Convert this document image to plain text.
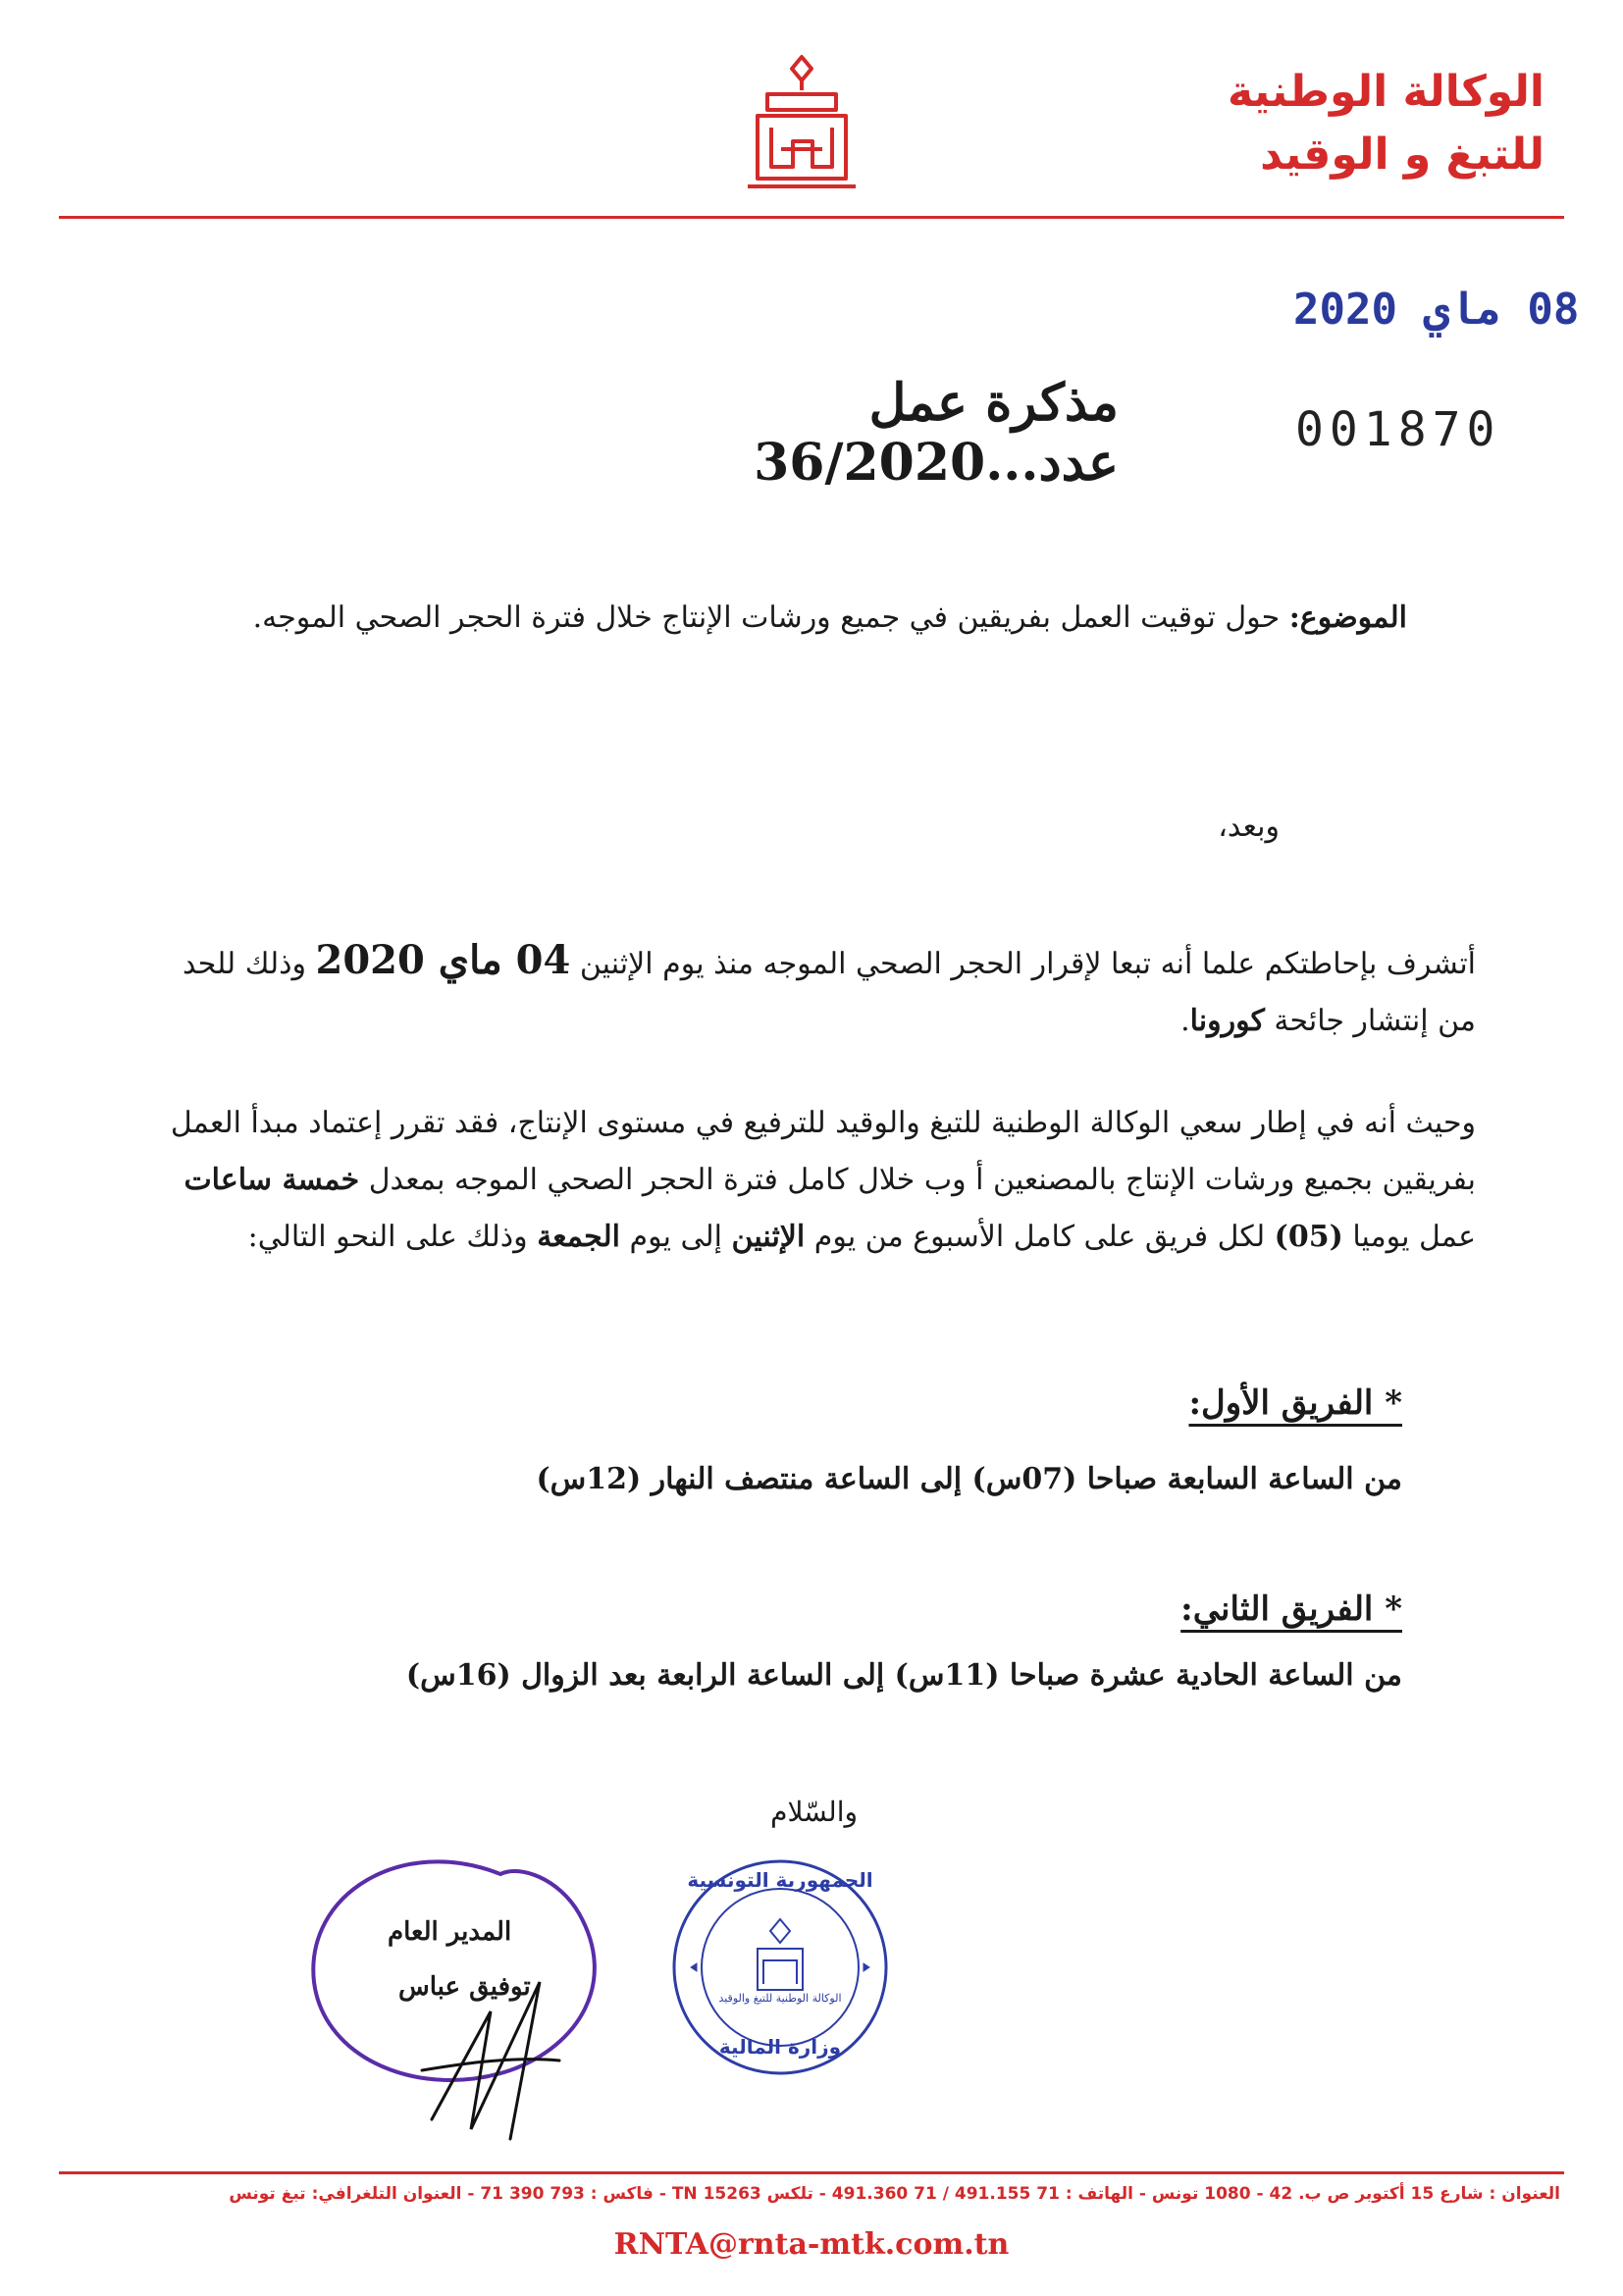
الوكالة الوطنية
للتبغ و الوقيد
08 ماي 2020
001870
مذكرة عمل عدد...36/2020
الموضوع: حول توقيت العمل بفريقين في جميع ورشات الإنتاج خلال فترة الحجر الصحي الموجه.
وبعد،
أتشرف بإحاطتكم علما أنه تبعا لإقرار الحجر الصحي الموجه منذ يوم الإثنين 04 ماي 2020 وذلك للحد من إنتشار جائحة كورونا.
وحيث أنه في إطار سعي الوكالة الوطنية للتبغ والوقيد للترفيع في مستوى الإنتاج، فقد تقرر إعتماد مبدأ العمل بفريقين بجميع ورشات الإنتاج بالمصنعين أ وب خلال كامل فترة الحجر الصحي الموجه بمعدل خمسة ساعات عمل يوميا (05) لكل فريق على كامل الأسبوع من يوم الإثنين إلى يوم الجمعة وذلك على النحو التالي:
* الفريق الأول:
من الساعة السابعة صباحا (07س) إلى الساعة منتصف النهار (12س)
* الفريق الثاني:
من الساعة الحادية عشرة صباحا (11س) إلى الساعة الرابعة بعد الزوال (16س)
والسّلام
المدير العام
توفيق عباس	الوكالة الوطنية للتبغ والوقيد
الجمهورية التونسية
وزارة المالية
العنوان : شارع 15 أكتوبر ص ب. 42 - 1080 تونس - الهاتف : 71 491.155 / 71 491.360 - تلكس 15263 TN - فاكس : 793 390 71 - العنوان التلغرافي: تبغ تونس
RNTA@rnta-mtk.com.tn
